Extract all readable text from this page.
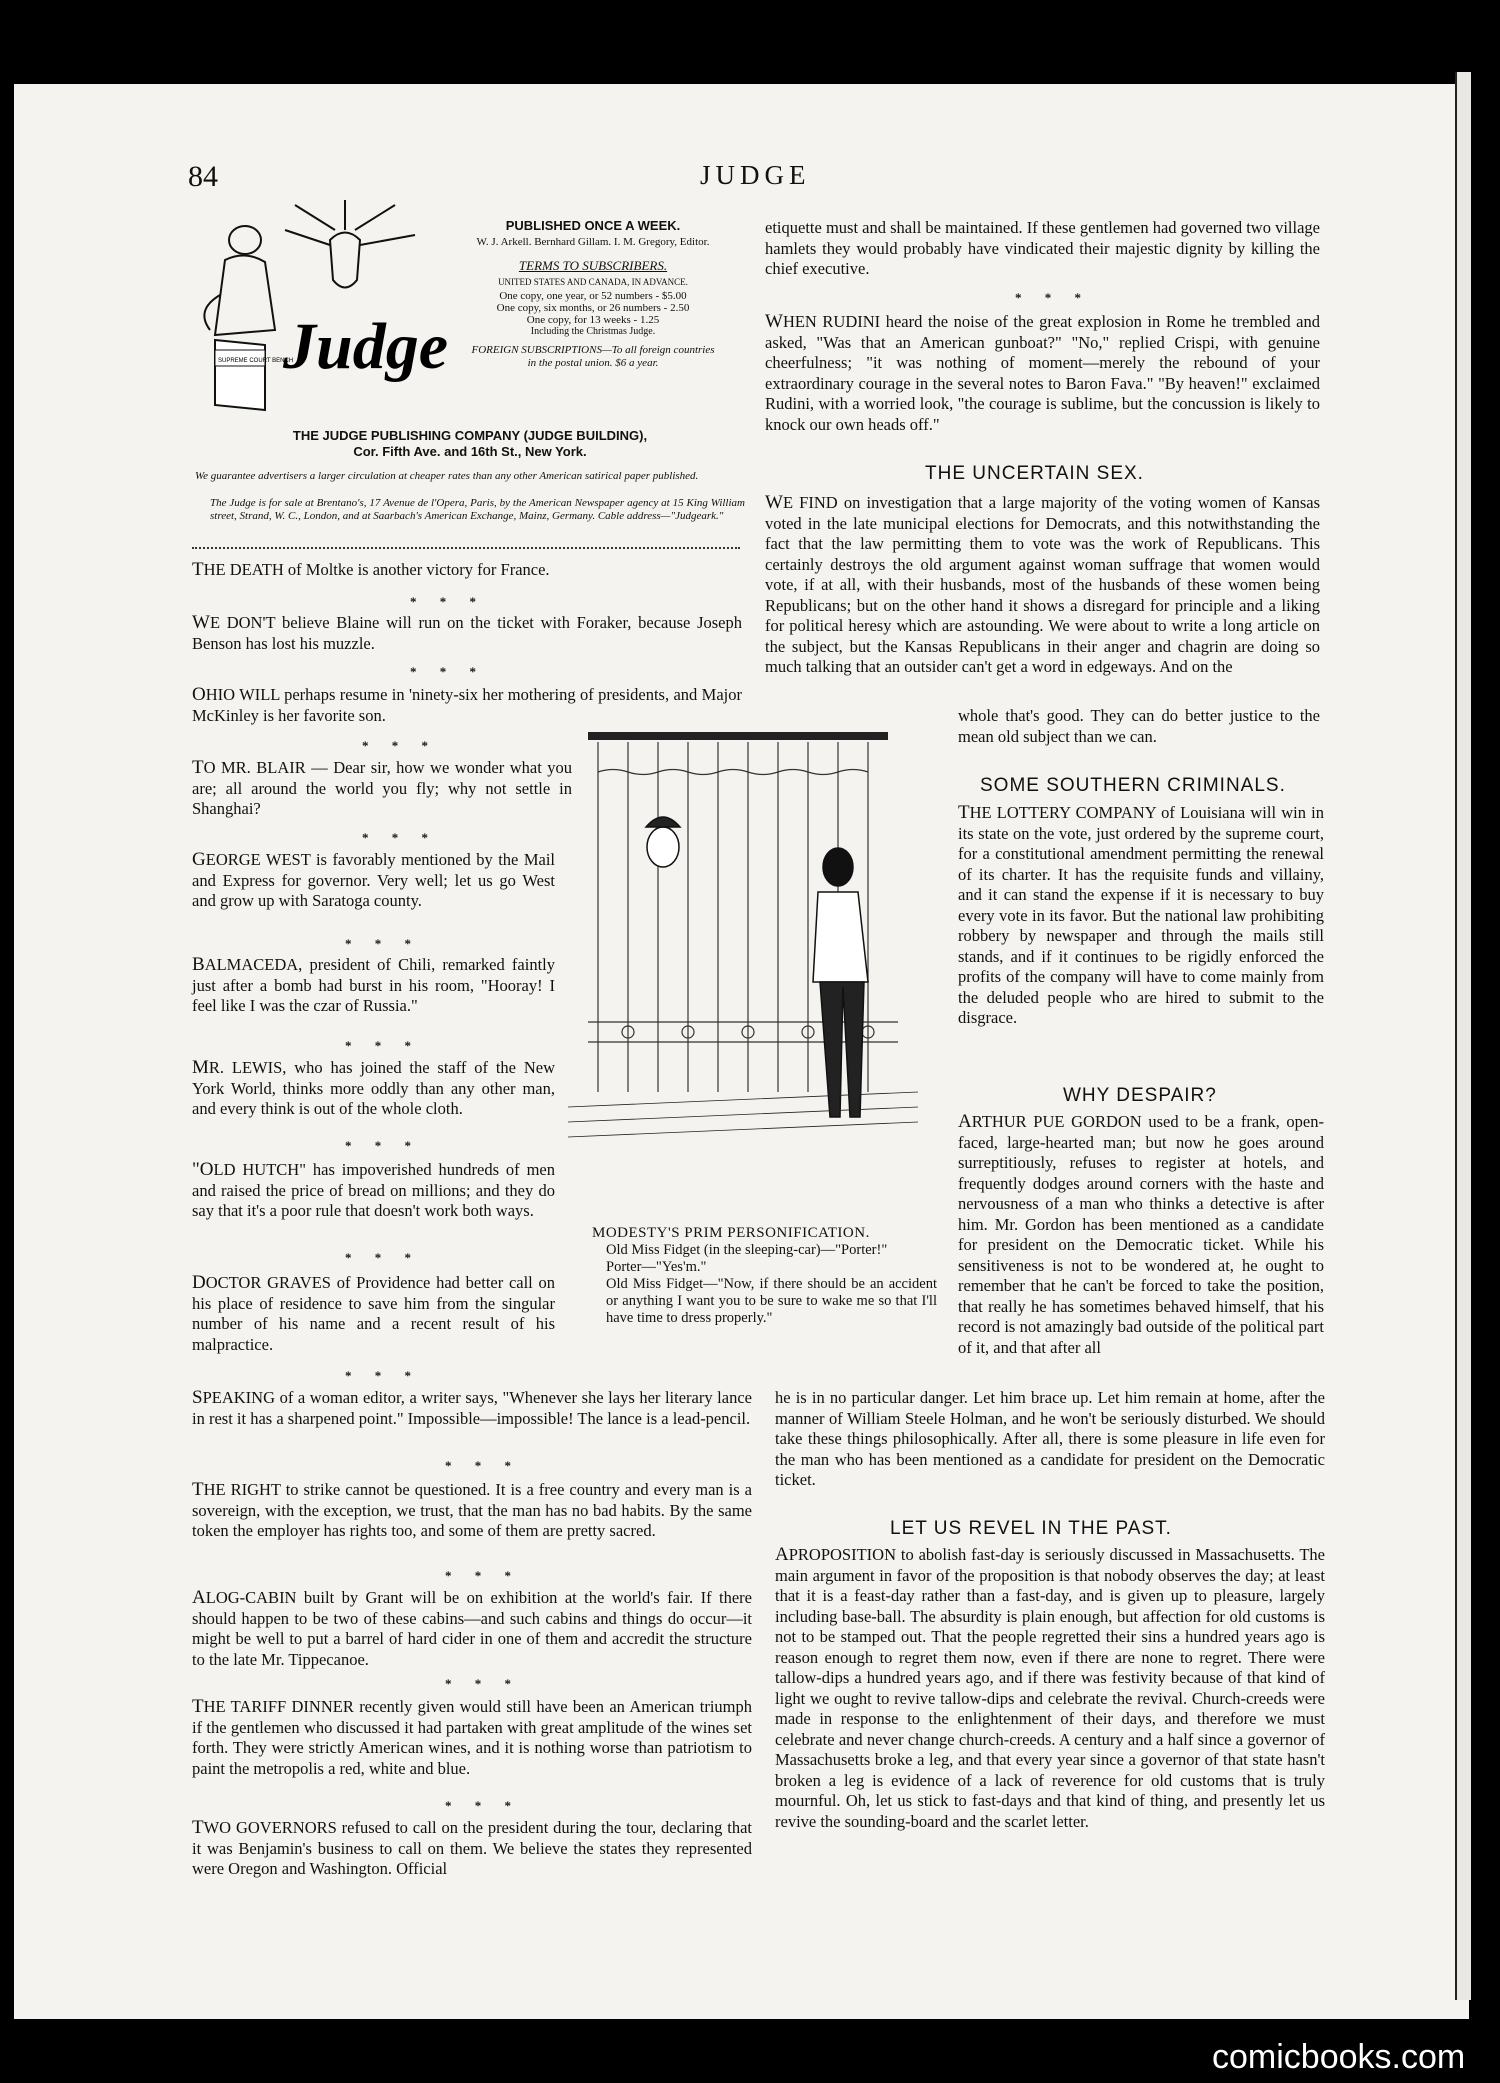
84	JUDGE
SUPREME COURT BENCH
Judge

PUBLISHED ONCE A WEEK.

W. J. Arkell. Bernhard Gillam. I. M. Gregory, Editor.

TERMS TO SUBSCRIBERS.

UNITED STATES AND CANADA, IN ADVANCE.

One copy, one year, or 52 numbers - $5.00

One copy, six months, or 26 numbers - 2.50

One copy, for 13 weeks - 1.25

Including the Christmas Judge.

FOREIGN SUBSCRIPTIONS—To all foreign countries in the postal union. $6 a year.

THE JUDGE PUBLISHING COMPANY (JUDGE BUILDING),

Cor. Fifth Ave. and 16th St., New York.

We guarantee advertisers a larger circulation at cheaper rates than any other American satirical paper published.
The Judge is for sale at Brentano's, 17 Avenue de l'Opera, Paris, by the American Newspaper agency at 15 King William street, Strand, W. C., London, and at Saarbach's American Exchange, Mainz, Germany. Cable address—"Judgeark."
THE DEATH of Moltke is another victory for France.
* * *
WE DON'T believe Blaine will run on the ticket with Foraker, because Joseph Benson has lost his muzzle.
* * *
OHIO WILL perhaps resume in 'ninety-six her mothering of presidents, and Major McKinley is her favorite son.
* * *
TO MR. BLAIR — Dear sir, how we wonder what you are; all around the world you fly; why not settle in Shanghai?
* * *
GEORGE WEST is favorably mentioned by the Mail and Express for governor. Very well; let us go West and grow up with Saratoga county.
* * *
BALMACEDA, president of Chili, remarked faintly just after a bomb had burst in his room, "Hooray! I feel like I was the czar of Russia."
* * *
MR. LEWIS, who has joined the staff of the New York World, thinks more oddly than any other man, and every think is out of the whole cloth.
* * *
"OLD HUTCH" has impoverished hundreds of men and raised the price of bread on millions; and they do say that it's a poor rule that doesn't work both ways.
* * *
DOCTOR GRAVES of Providence had better call on his place of residence to save him from the singular number of his name and a recent result of his malpractice.
* * *

MODESTY'S PRIM PERSONIFICATION.

Old Miss Fidget (in the sleeping-car)—"Porter!"

Porter—"Yes'm."

Old Miss Fidget—"Now, if there should be an accident or anything I want you to be sure to wake me so that I'll have time to dress properly."

SPEAKING of a woman editor, a writer says, "Whenever she lays her literary lance in rest it has a sharpened point." Impossible—impossible! The lance is a lead-pencil.
* * *
THE RIGHT to strike cannot be questioned. It is a free country and every man is a sovereign, with the exception, we trust, that the man has no bad habits. By the same token the employer has rights too, and some of them are pretty sacred.
* * *
ALOG-CABIN built by Grant will be on exhibition at the world's fair. If there should happen to be two of these cabins—and such cabins and things do occur—it might be well to put a barrel of hard cider in one of them and accredit the structure to the late Mr. Tippecanoe.
* * *
THE TARIFF DINNER recently given would still have been an American triumph if the gentlemen who discussed it had partaken with great amplitude of the wines set forth. They were strictly American wines, and it is nothing worse than patriotism to paint the metropolis a red, white and blue.
* * *
TWO GOVERNORS refused to call on the president during the tour, declaring that it was Benjamin's business to call on them. We believe the states they represented were Oregon and Washington. Official
etiquette must and shall be maintained. If these gentlemen had governed two village hamlets they would probably have vindicated their majestic dignity by killing the chief executive.
* * *
WHEN RUDINI heard the noise of the great explosion in Rome he trembled and asked, "Was that an American gunboat?" "No," replied Crispi, with genuine cheerfulness; "it was nothing of moment—merely the rebound of your extraordinary courage in the several notes to Baron Fava." "By heaven!" exclaimed Rudini, with a worried look, "the courage is sublime, but the concussion is likely to knock our own heads off."
THE UNCERTAIN SEX.
WE FIND on investigation that a large majority of the voting women of Kansas voted in the late municipal elections for Democrats, and this notwithstanding the fact that the law permitting them to vote was the work of Republicans. This certainly destroys the old argument against woman suffrage that women would vote, if at all, with their husbands, most of the husbands of these women being Republicans; but on the other hand it shows a disregard for principle and a liking for political heresy which are astounding. We were about to write a long article on the subject, but the Kansas Republicans in their anger and chagrin are doing so much talking that an outsider can't get a word in edgeways. And on the
whole that's good. They can do better justice to the mean old subject than we can.
SOME SOUTHERN CRIMINALS.
THE LOTTERY COMPANY of Louisiana will win in its state on the vote, just ordered by the supreme court, for a constitutional amendment permitting the renewal of its charter. It has the requisite funds and villainy, and it can stand the expense if it is necessary to buy every vote in its favor. But the national law prohibiting robbery by newspaper and through the mails still stands, and if it continues to be rigidly enforced the profits of the company will have to come mainly from the deluded people who are hired to submit to the disgrace.
WHY DESPAIR?
ARTHUR PUE GORDON used to be a frank, open-faced, large-hearted man; but now he goes around surreptitiously, refuses to register at hotels, and frequently dodges around corners with the haste and nervousness of a man who thinks a detective is after him. Mr. Gordon has been mentioned as a candidate for president on the Democratic ticket. While his sensitiveness is not to be wondered at, he ought to remember that he can't be forced to take the position, that really he has sometimes behaved himself, that his record is not amazingly bad outside of the political part of it, and that after all
he is in no particular danger. Let him brace up. Let him remain at home, after the manner of William Steele Holman, and he won't be seriously disturbed. We should take these things philosophically. After all, there is some pleasure in life even for the man who has been mentioned as a candidate for president on the Democratic ticket.
LET US REVEL IN THE PAST.
APROPOSITION to abolish fast-day is seriously discussed in Massachusetts. The main argument in favor of the proposition is that nobody observes the day; at least that it is a feast-day rather than a fast-day, and is given up to pleasure, largely including base-ball. The absurdity is plain enough, but affection for old customs is not to be stamped out. That the people regretted their sins a hundred years ago is reason enough to regret them now, even if there are none to regret. There were tallow-dips a hundred years ago, and if there was festivity because of that kind of light we ought to revive tallow-dips and celebrate the revival. Church-creeds were made in response to the enlightenment of their days, and therefore we must celebrate and never change church-creeds. A century and a half since a governor of Massachusetts broke a leg, and that every year since a governor of that state hasn't broken a leg is evidence of a lack of reverence for old customs that is truly mournful. Oh, let us stick to fast-days and that kind of thing, and presently let us revive the sounding-board and the scarlet letter.
comicbooks.com
